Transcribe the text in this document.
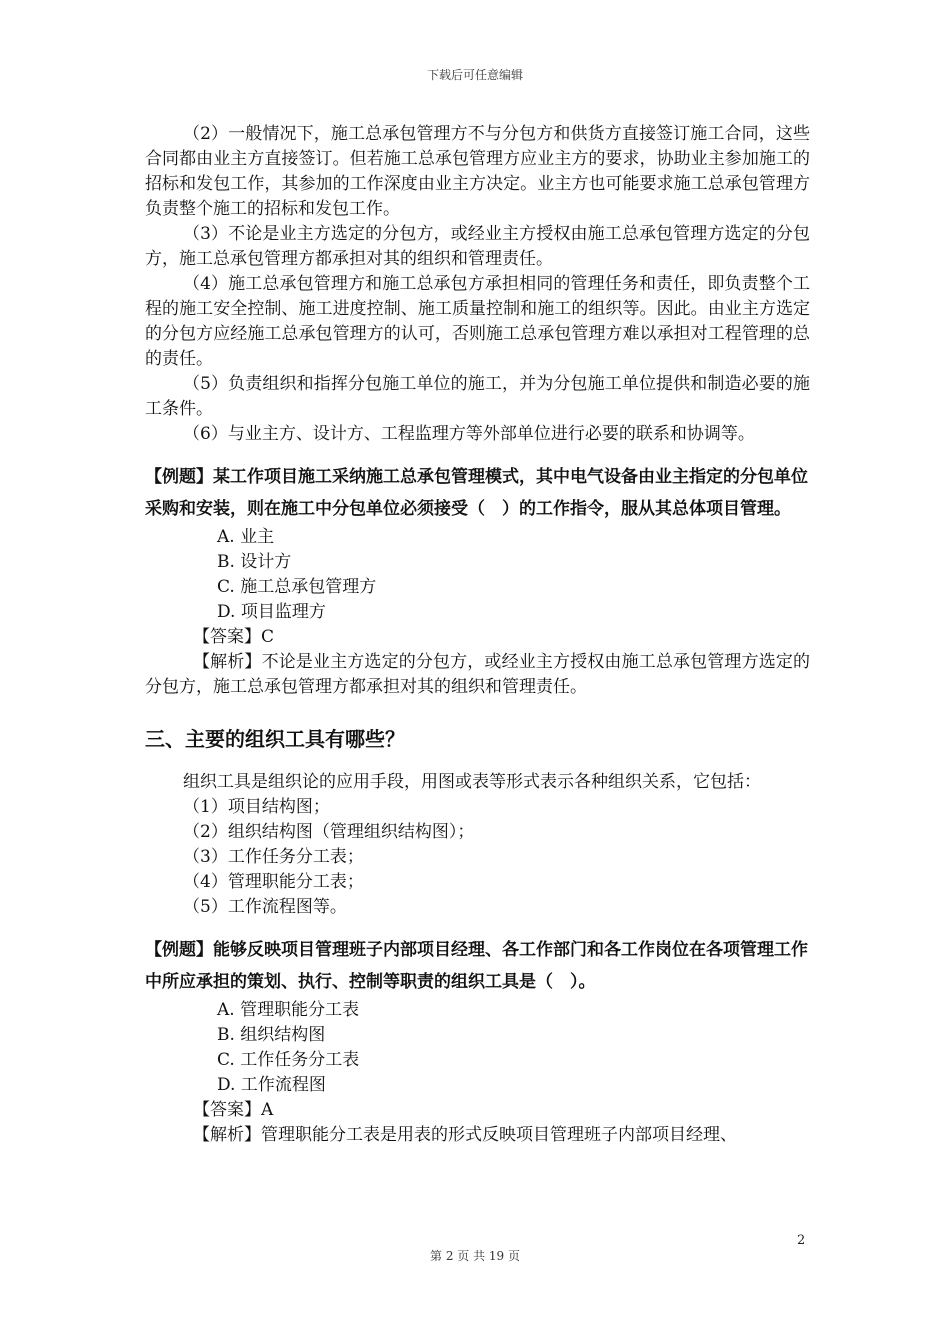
下载后可任意编辑

（2）一般情况下，施工总承包管理方不与分包方和供货方直接签订施工合同，这些合同都由业主方直接签订。但若施工总承包管理方应业主方的要求，协助业主参加施工的招标和发包工作，其参加的工作深度由业主方决定。业主方也可能要求施工总承包管理方负责整个施工的招标和发包工作。

（3）不论是业主方选定的分包方，或经业主方授权由施工总承包管理方选定的分包方，施工总承包管理方都承担对其的组织和管理责任。

（4）施工总承包管理方和施工总承包方承担相同的管理任务和责任，即负责整个工程的施工安全控制、施工进度控制、施工质量控制和施工的组织等。因此。由业主方选定的分包方应经施工总承包管理方的认可，否则施工总承包管理方难以承担对工程管理的总的责任。

（5）负责组织和指挥分包施工单位的施工，并为分包施工单位提供和制造必要的施工条件。

（6）与业主方、设计方、工程监理方等外部单位进行必要的联系和协调等。

【例题】某工作项目施工采纳施工总承包管理模式，其中电气设备由业主指定的分包单位采购和安装，则在施工中分包单位必须接受（　）的工作指令，服从其总体项目管理。

A. 业主

B. 设计方

C. 施工总承包管理方

D. 项目监理方

【答案】C

【解析】不论是业主方选定的分包方，或经业主方授权由施工总承包管理方选定的分包方，施工总承包管理方都承担对其的组织和管理责任。

三、主要的组织工具有哪些？

组织工具是组织论的应用手段，用图或表等形式表示各种组织关系，它包括：

（1）项目结构图；

（2）组织结构图（管理组织结构图）；

（3）工作任务分工表；

（4）管理职能分工表；

（5）工作流程图等。

【例题】能够反映项目管理班子内部项目经理、各工作部门和各工作岗位在各项管理工作中所应承担的策划、执行、控制等职责的组织工具是（　）。

A. 管理职能分工表

B. 组织结构图

C. 工作任务分工表

D. 工作流程图

【答案】A

【解析】管理职能分工表是用表的形式反映项目管理班子内部项目经理、

2
第 2 页 共 19 页
